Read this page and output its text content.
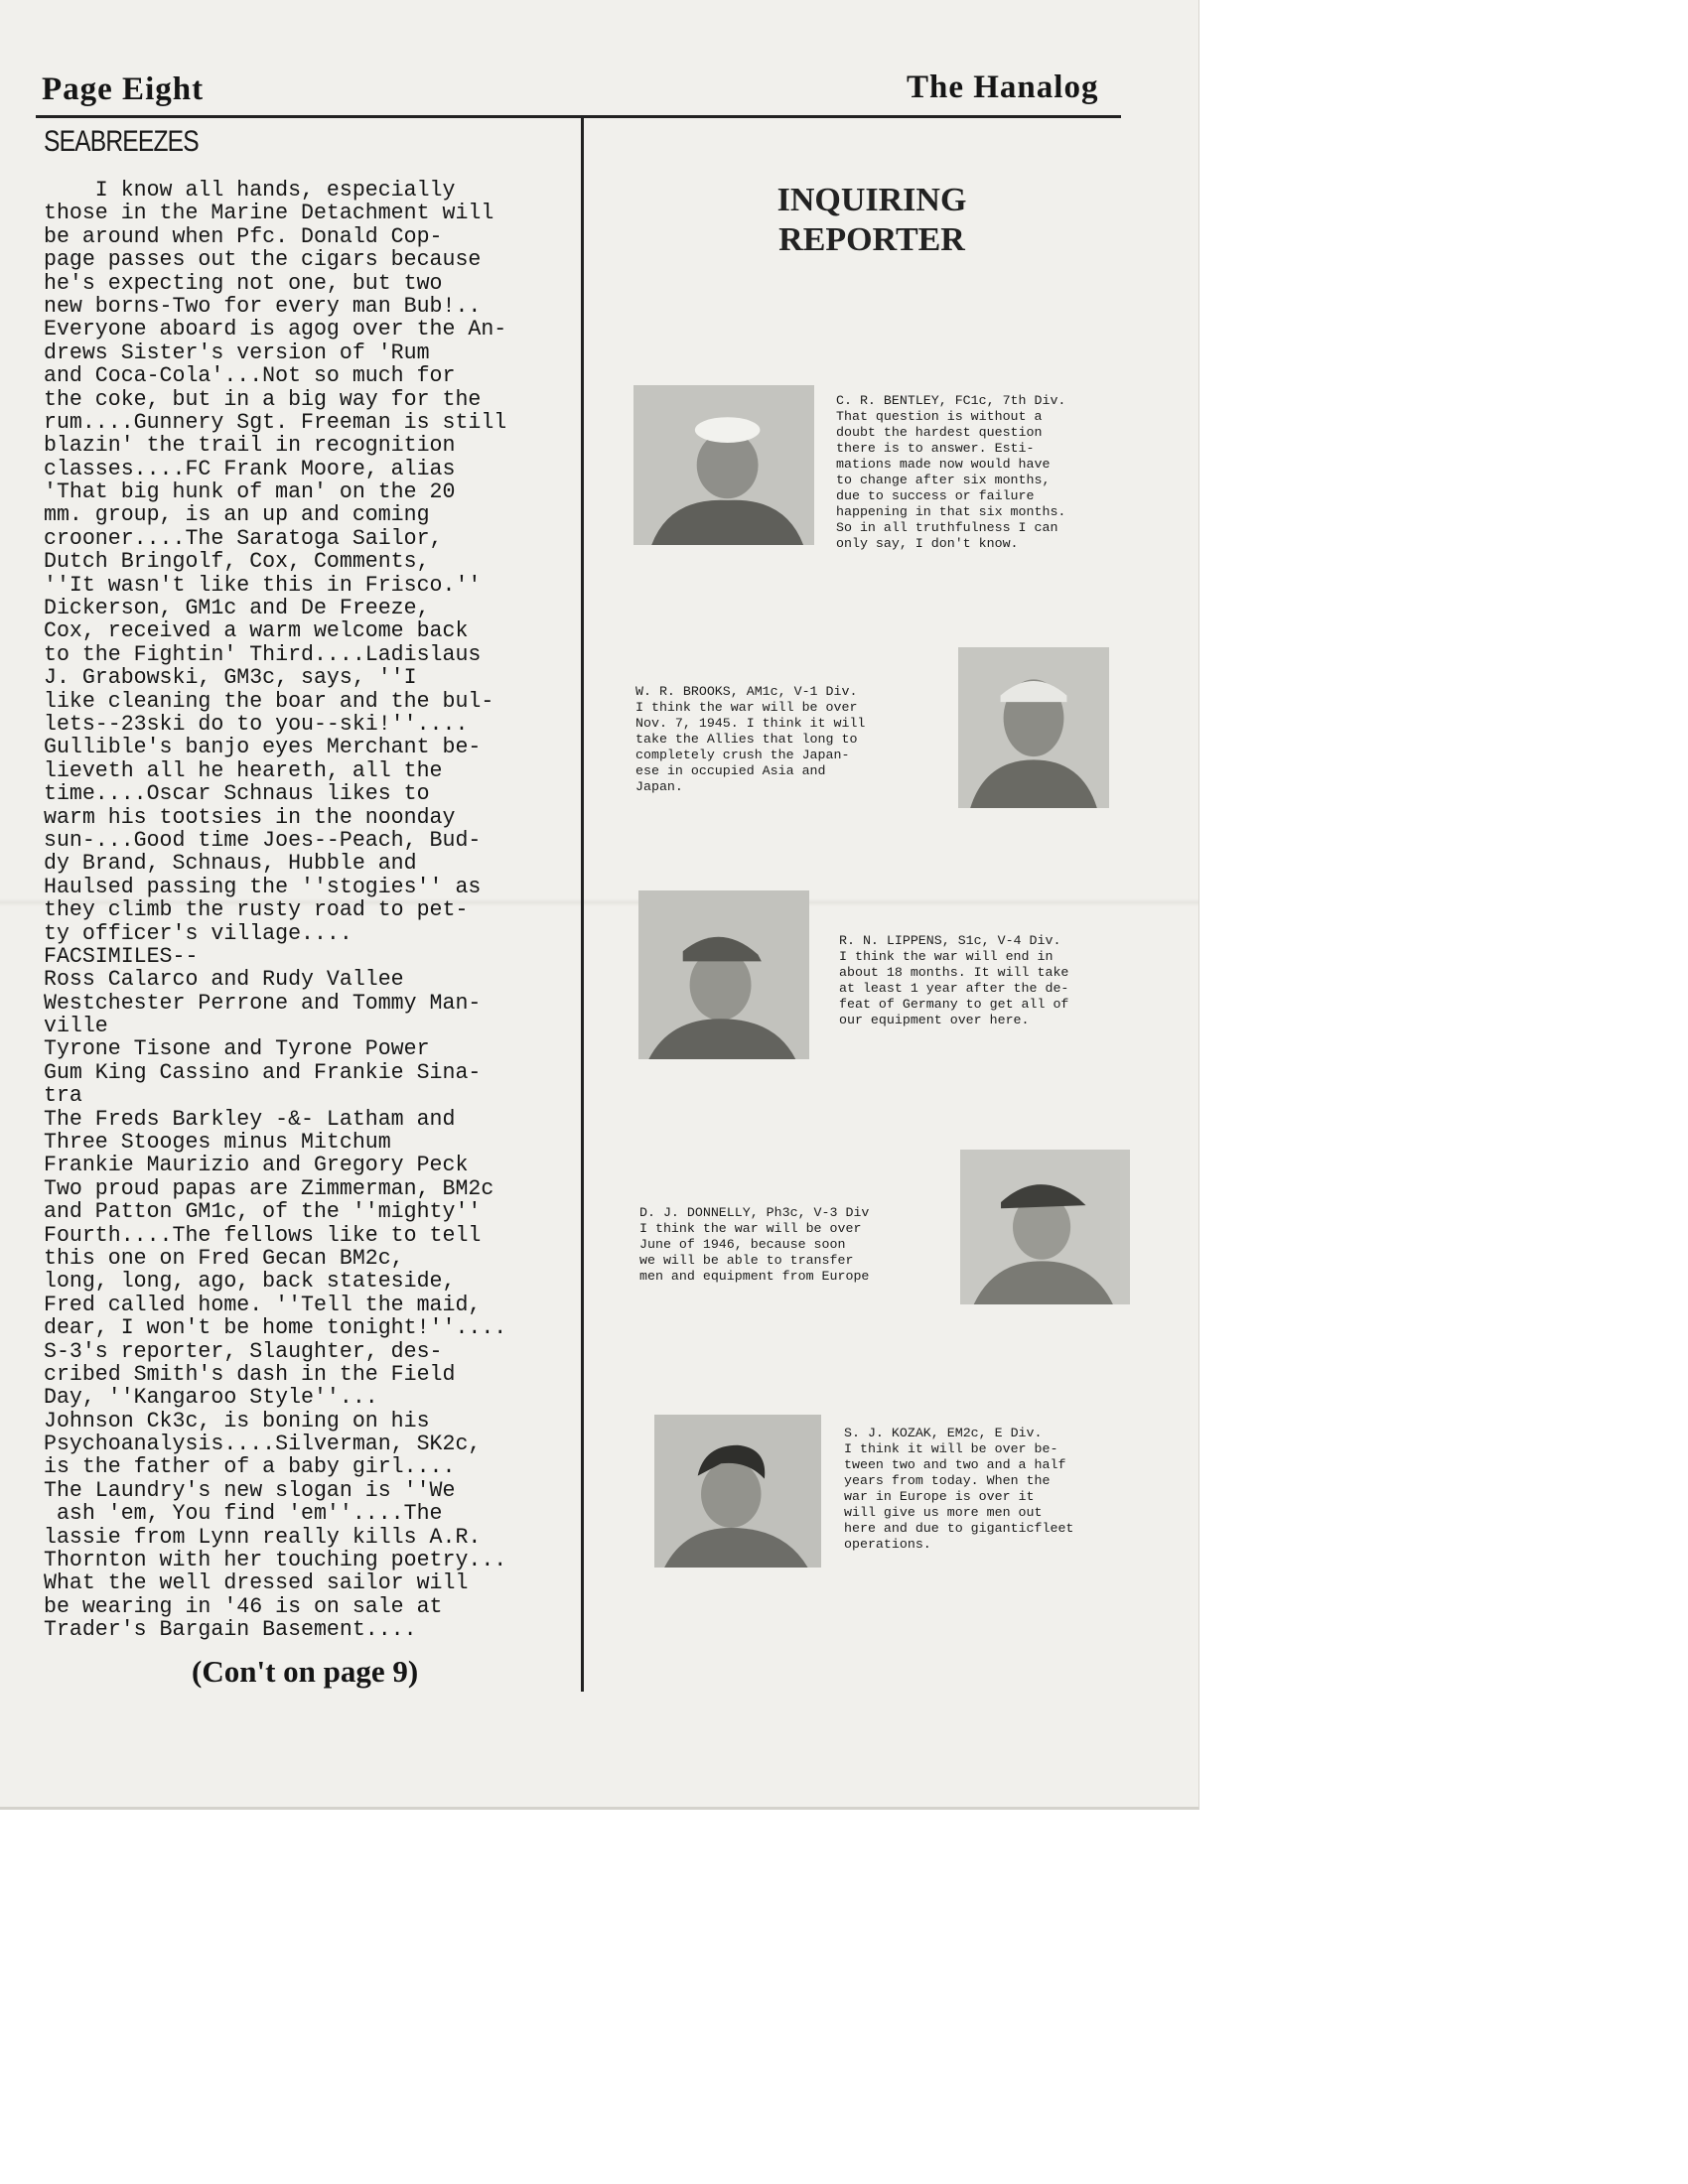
Page Eight	The Hanalog
SEABREEZES
I know all hands, especially
those in the Marine Detachment will
be around when Pfc. Donald Cop-
page passes out the cigars because
he's expecting not one, but two
new borns-Two for every man Bub!..
Everyone aboard is agog over the An-
drews Sister's version of 'Rum
and Coca-Cola'...Not so much for
the coke, but in a big way for the
rum....Gunnery Sgt. Freeman is still
blazin' the trail in recognition
classes....FC Frank Moore, alias
'That big hunk of man' on the 20
mm. group, is an up and coming
crooner....The Saratoga Sailor,
Dutch Bringolf, Cox, Comments,
''It wasn't like this in Frisco.''
Dickerson, GM1c and De Freeze,
Cox, received a warm welcome back
to the Fightin' Third....Ladislaus
J. Grabowski, GM3c, says, ''I
like cleaning the boar and the bul-
lets--23ski do to you--ski!''....
Gullible's banjo eyes Merchant be-
lieveth all he heareth, all the
time....Oscar Schnaus likes to
warm his tootsies in the noonday
sun-...Good time Joes--Peach, Bud-
dy Brand, Schnaus, Hubble and
Haulsed passing the ''stogies'' as
they climb the rusty road to pet-
ty officer's village....
FACSIMILES--
Ross Calarco and Rudy Vallee
Westchester Perrone and Tommy Man-
ville
Tyrone Tisone and Tyrone Power
Gum King Cassino and Frankie Sina-
tra
The Freds Barkley -&- Latham and
Three Stooges minus Mitchum
Frankie Maurizio and Gregory Peck
Two proud papas are Zimmerman, BM2c
and Patton GM1c, of the ''mighty''
Fourth....The fellows like to tell
this one on Fred Gecan BM2c,
long, long, ago, back stateside,
Fred called home. ''Tell the maid,
dear, I won't be home tonight!''....
S-3's reporter, Slaughter, des-
cribed Smith's dash in the Field
Day, ''Kangaroo Style''...
Johnson Ck3c, is boning on his
Psychoanalysis....Silverman, SK2c,
is the father of a baby girl....
The Laundry's new slogan is ''We
ash 'em, You find 'em''....The
lassie from Lynn really kills A.R.
Thornton with her touching poetry...
What the well dressed sailor will
be wearing in '46 is on sale at
Trader's Bargain Basement....
(Con't on page 9)
INQUIRING
REPORTER
C. R. BENTLEY, FC1c, 7th Div.
That question is without a
doubt the hardest question
there is to answer. Esti-
mations made now would have
to change after six months,
due to success or failure
happening in that six months.
So in all truthfulness I can
only say, I don't know.
W. R. BROOKS, AM1c, V-1 Div.
I think the war will be over
Nov. 7, 1945. I think it will
take the Allies that long to
completely crush the Japan-
ese in occupied Asia and
Japan.
R. N. LIPPENS, S1c, V-4 Div.
I think the war will end in
about 18 months. It will take
at least 1 year after the de-
feat of Germany to get all of
our equipment over here.
D. J. DONNELLY, Ph3c, V-3 Div
I think the war will be over
June of 1946, because soon
we will be able to transfer
men and equipment from Europe
S. J. KOZAK, EM2c, E Div.
I think it will be over be-
tween two and two and a half
years from today. When the
war in Europe is over it
will give us more men out
here and due to giganticfleet
operations.
